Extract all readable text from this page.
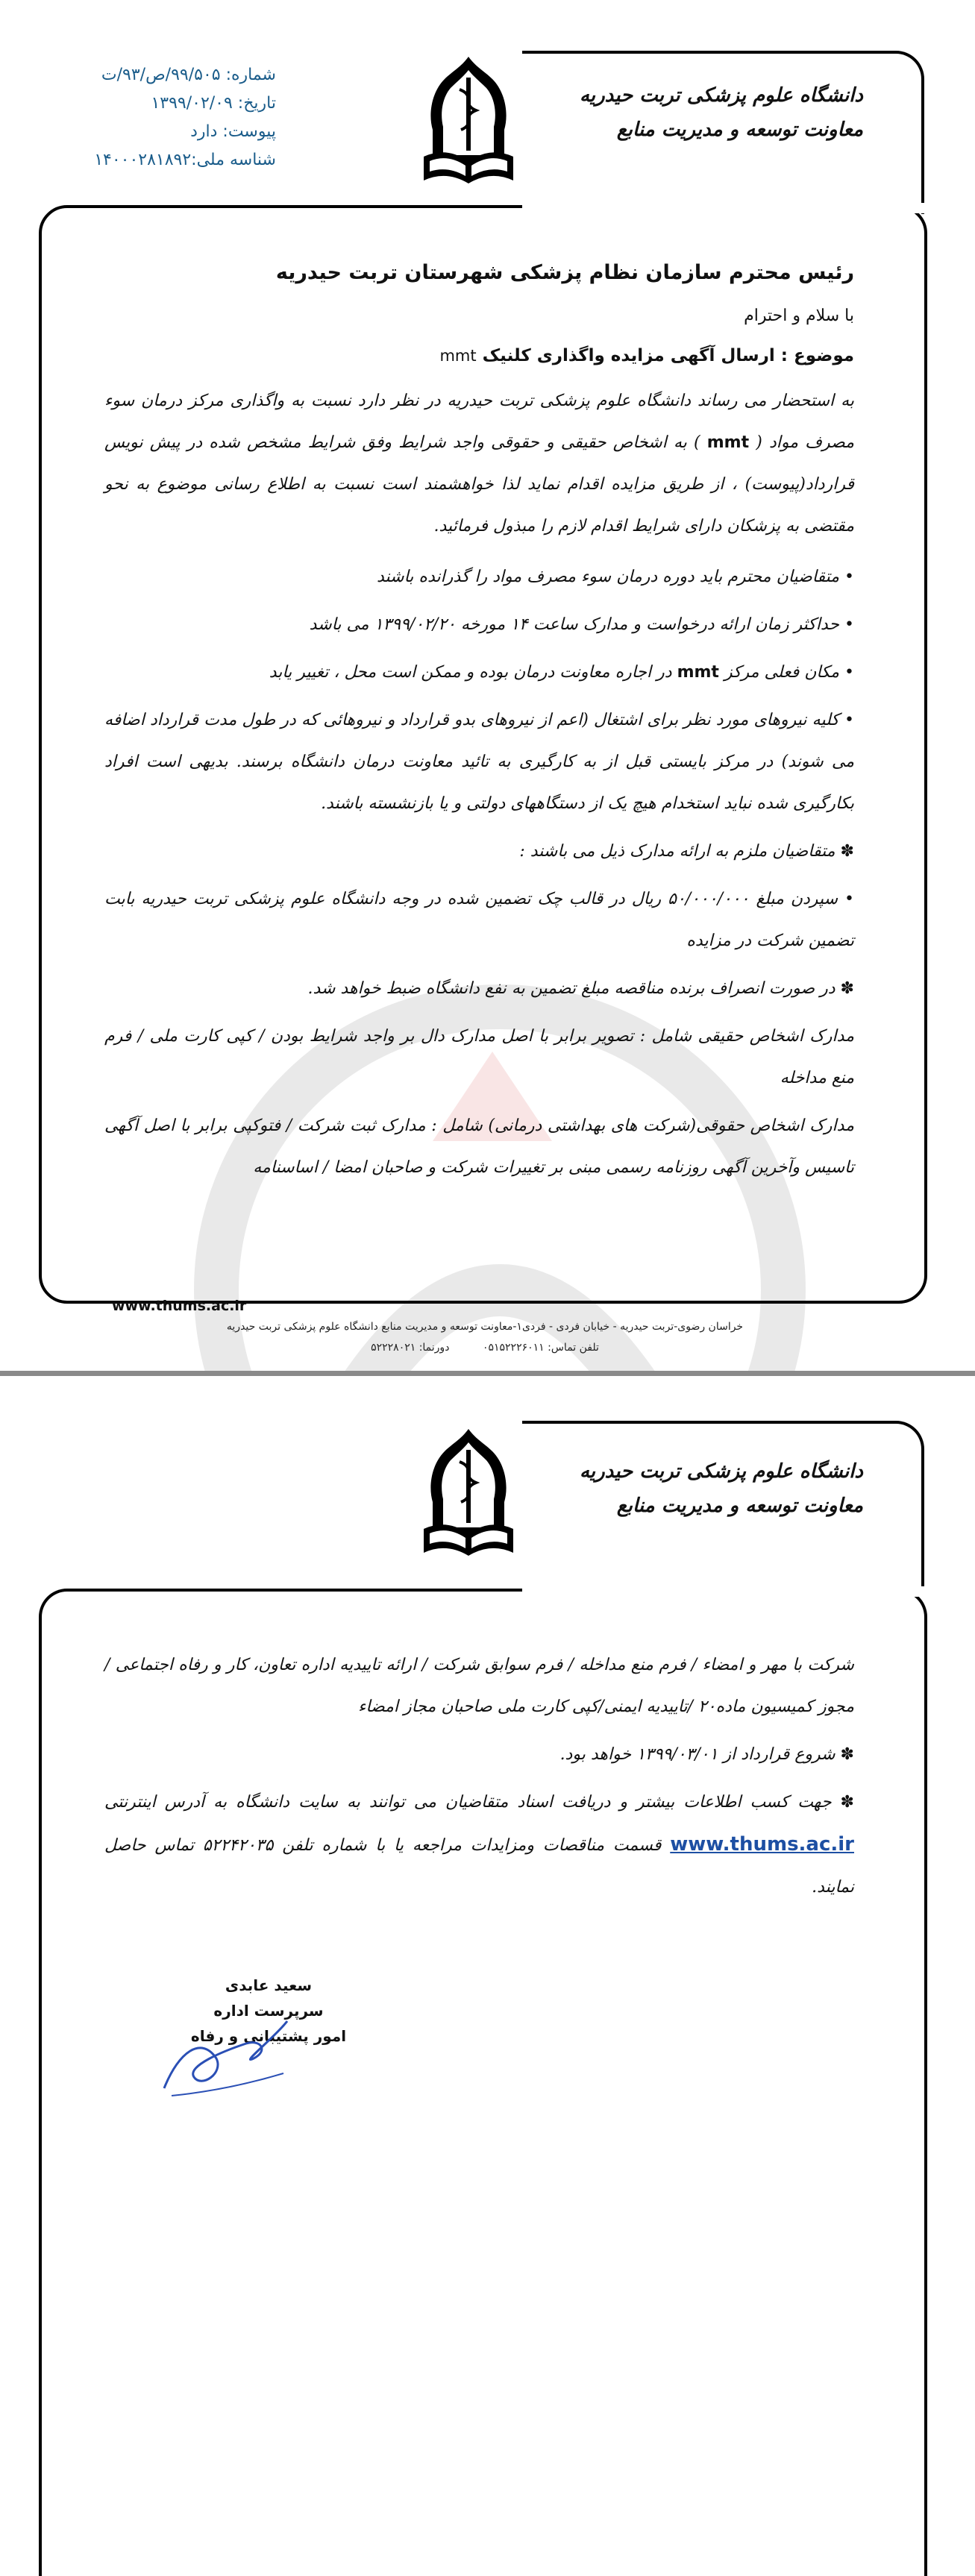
دانشگاه علوم پزشکی تربت حیدریه
معاونت توسعه و مدیریت منابع
شماره: ۹۹/۵۰۵/ص/۹۳/ت
تاریخ: ۱۳۹۹/۰۲/۰۹
پیوست: دارد
شناسه ملی:۱۴۰۰۰۲۸۱۸۹۲
رئیس محترم سازمان نظام پزشکی شهرستان تربت حیدریه
با سلام و احترام
موضوع : ارسال آگهی مزایده واگذاری کلنیک mmt
به استحضار می رساند دانشگاه علوم پزشکی تربت حیدریه در نظر دارد نسبت به واگذاری مرکز درمان سوء مصرف مواد ( mmt ) به اشخاص حقیقی و حقوقی واجد شرایط وفق شرایط مشخص شده در پیش نویس قرارداد(پیوست) ، از طریق مزایده اقدام نماید لذا خواهشمند است نسبت به اطلاع رسانی موضوع به نحو مقتضی به پزشکان دارای شرایط اقدام لازم را مبذول فرمائید.
• متقاضیان محترم باید دوره درمان سوء مصرف مواد را گذرانده باشند
• حداکثر زمان ارائه درخواست و مدارک ساعت ۱۴ مورخه ۱۳۹۹/۰۲/۲۰ می باشد
• مکان فعلی مرکز mmt در اجاره معاونت درمان بوده و ممکن است محل ، تغییر یابد
• کلیه نیروهای مورد نظر برای اشتغال (اعم از نیروهای بدو قرارداد و نیروهائی که در طول مدت قرارداد اضافه می شوند) در مرکز بایستی قبل از به کارگیری به تائید معاونت درمان دانشگاه برسند. بدیهی است افراد بکارگیری شده نباید استخدام هیچ یک از دستگاههای دولتی و یا بازنشسته باشند.
✽ متقاضیان ملزم به ارائه مدارک ذیل می باشند :
• سپردن مبلغ ۵۰/۰۰۰/۰۰۰ ریال در قالب چک تضمین شده در وجه دانشگاه علوم پزشکی تربت حیدریه بابت تضمین شرکت در مزایده
✽ در صورت انصراف برنده مناقصه مبلغ تضمین به نفع دانشگاه ضبط خواهد شد.
مدارک اشخاص حقیقی شامل : تصویر برابر با اصل مدارک دال بر واجد شرایط بودن / کپی کارت ملی / فرم منع مداخله
مدارک اشخاص حقوقی(شرکت های بهداشتی درمانی) شامل : مدارک ثبت شرکت / فتوکپی برابر با اصل آگهی تاسیس وآخرین آگهی روزنامه رسمی مبنی بر تغییرات شرکت و صاحبان امضا / اساسنامه
www.thums.ac.ir
خراسان رضوی-تربت حیدریه - خیابان فردی - فردی۱-معاونت توسعه و مدیریت منابع دانشگاه علوم پزشکی تربت حیدریه
تلفن تماس: ۰۵۱۵۲۲۲۶۰۱۱          دورنما: ۵۲۲۲۸۰۲۱
دانشگاه علوم پزشکی تربت حیدریه
معاونت توسعه و مدیریت منابع
شرکت با مهر و امضاء / فرم منع مداخله / فرم سوابق شرکت / ارائه تاییدیه اداره تعاون، کار و رفاه اجتماعی / مجوز کمیسیون ماده۲۰ /تاییدیه ایمنی/کپی کارت ملی صاحبان مجاز امضاء
✽ شروع قرارداد از ۱۳۹۹/۰۳/۰۱ خواهد بود.
✽ جهت کسب اطلاعات بیشتر و دریافت اسناد متقاضیان می توانند به سایت دانشگاه به آدرس اینترنتی www.thums.ac.ir قسمت مناقصات ومزایدات مراجعه یا با شماره تلفن ۵۲۲۴۲۰۳۵ تماس حاصل نمایند.
سعید عابدی
سرپرست اداره
امور پشتیبانی و رفاه
